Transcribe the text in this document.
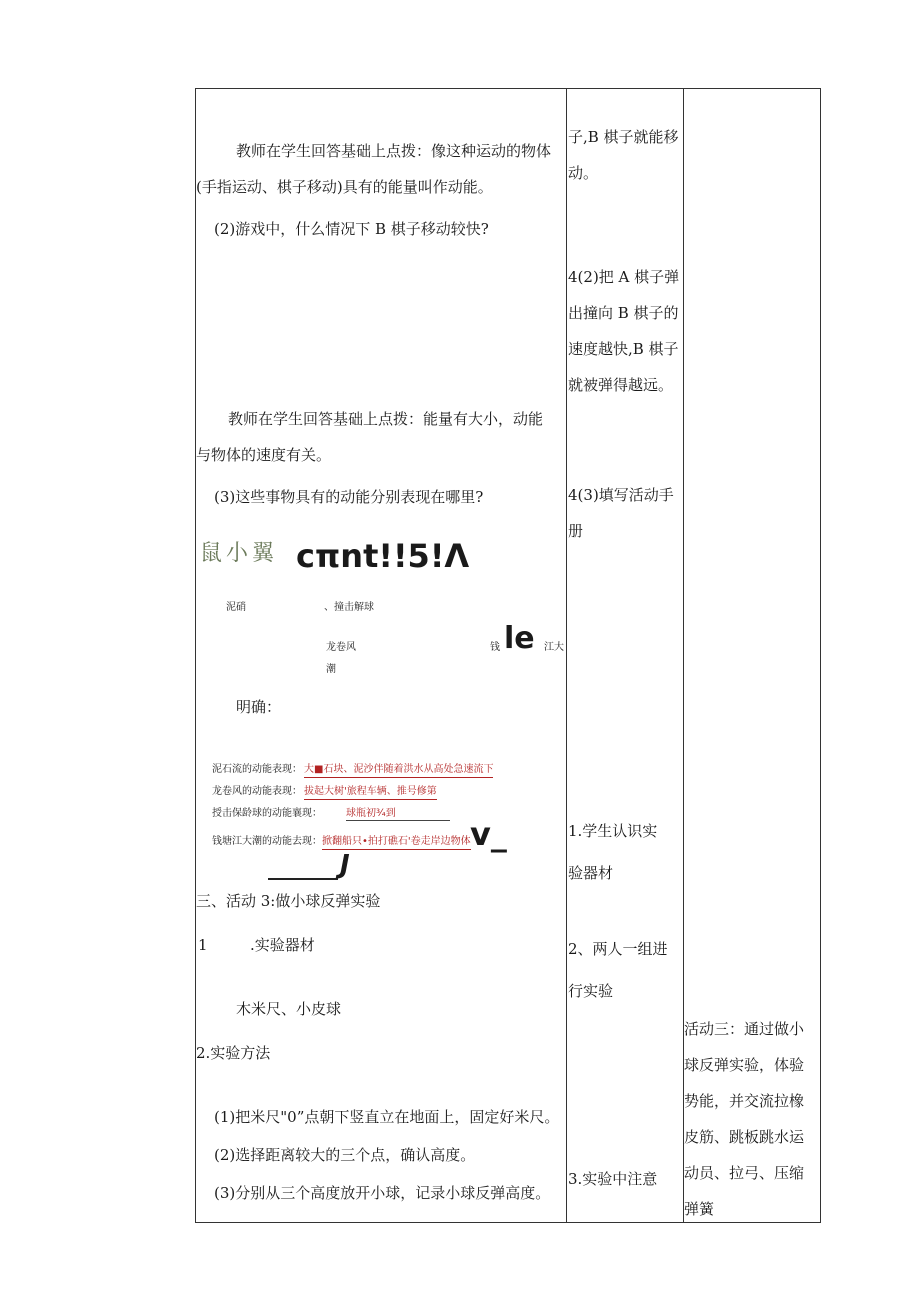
教师在学生回答基础上点拨：像这种运动的物体
(手指运动、棋子移动)具有的能量叫作动能。
(2)游戏中，什么情况下 B 棋子移动较快?
教师在学生回答基础上点拨：能量有大小，动能
与物体的速度有关。
(3)这些事物具有的动能分别表现在哪里?
鼠小翼 cπnt!!5!Λ
泥硝	、撞击解球
龙卷风	钱 le 江大
潮
明确：
泥石流的动能表现： 大■石块、泥沙伴随着洪水从高处急速流下
龙卷风的动能表现： 拔起大树'旅程车辆、推号修第
授击保龄球的动能襄现： 球瓶初¾到
钱塘江大潮的动能去现： 掀翻船只•拍打礁石'卷走岸边物体 v_
J
三、活动 3:做小球反弹实验
1	.实验器材
木米尺、小皮球
2.实验方法
(1)把米尺"0”点朝下竖直立在地面上，固定好米尺。
(2)选择距离较大的三个点，确认高度。
(3)分别从三个高度放开小球，记录小球反弹高度。
子,B 棋子就能移
动。
4(2)把 A 棋子弹
出撞向 B 棋子的
速度越快,B 棋子
就被弹得越远。
4(3)填写活动手
册
1.学生认识实
验器材
2、两人一组进
行实验
3.实验中注意
活动三：通过做小
球反弹实验，体验
势能，并交流拉橡
皮筋、跳板跳水运
动员、拉弓、压缩
弹簧
